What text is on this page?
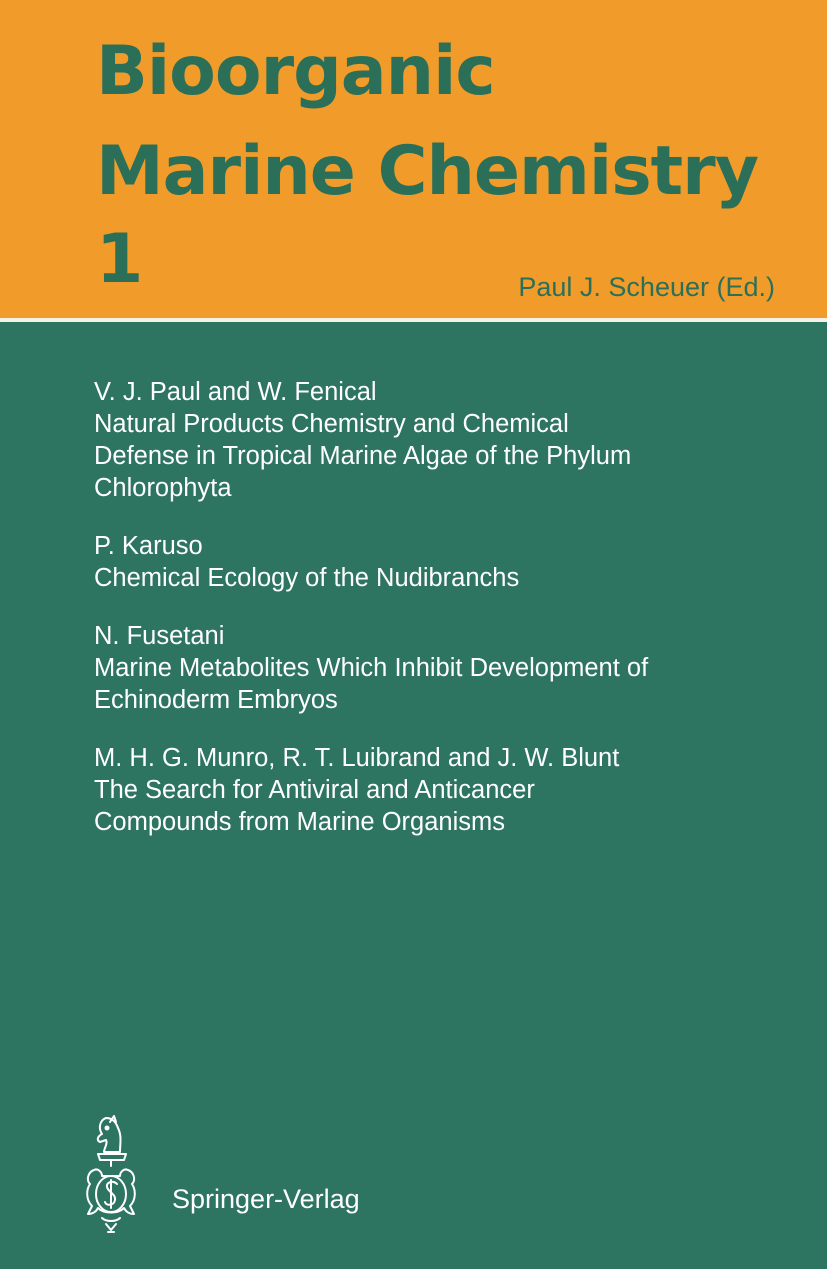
Bioorganic
Marine Chemistry
1	Paul J. Scheuer (Ed.)

V. J. Paul and W. Fenical

Natural Products Chemistry and Chemical

Defense in Tropical Marine Algae of the Phylum

Chlorophyta

P. Karuso

Chemical Ecology of the Nudibranchs

N. Fusetani

Marine Metabolites Which Inhibit Development of

Echinoderm Embryos

M. H. G. Munro, R. T. Luibrand and J. W. Blunt

The Search for Antiviral and Anticancer

Compounds from Marine Organisms

Springer-Verlag
